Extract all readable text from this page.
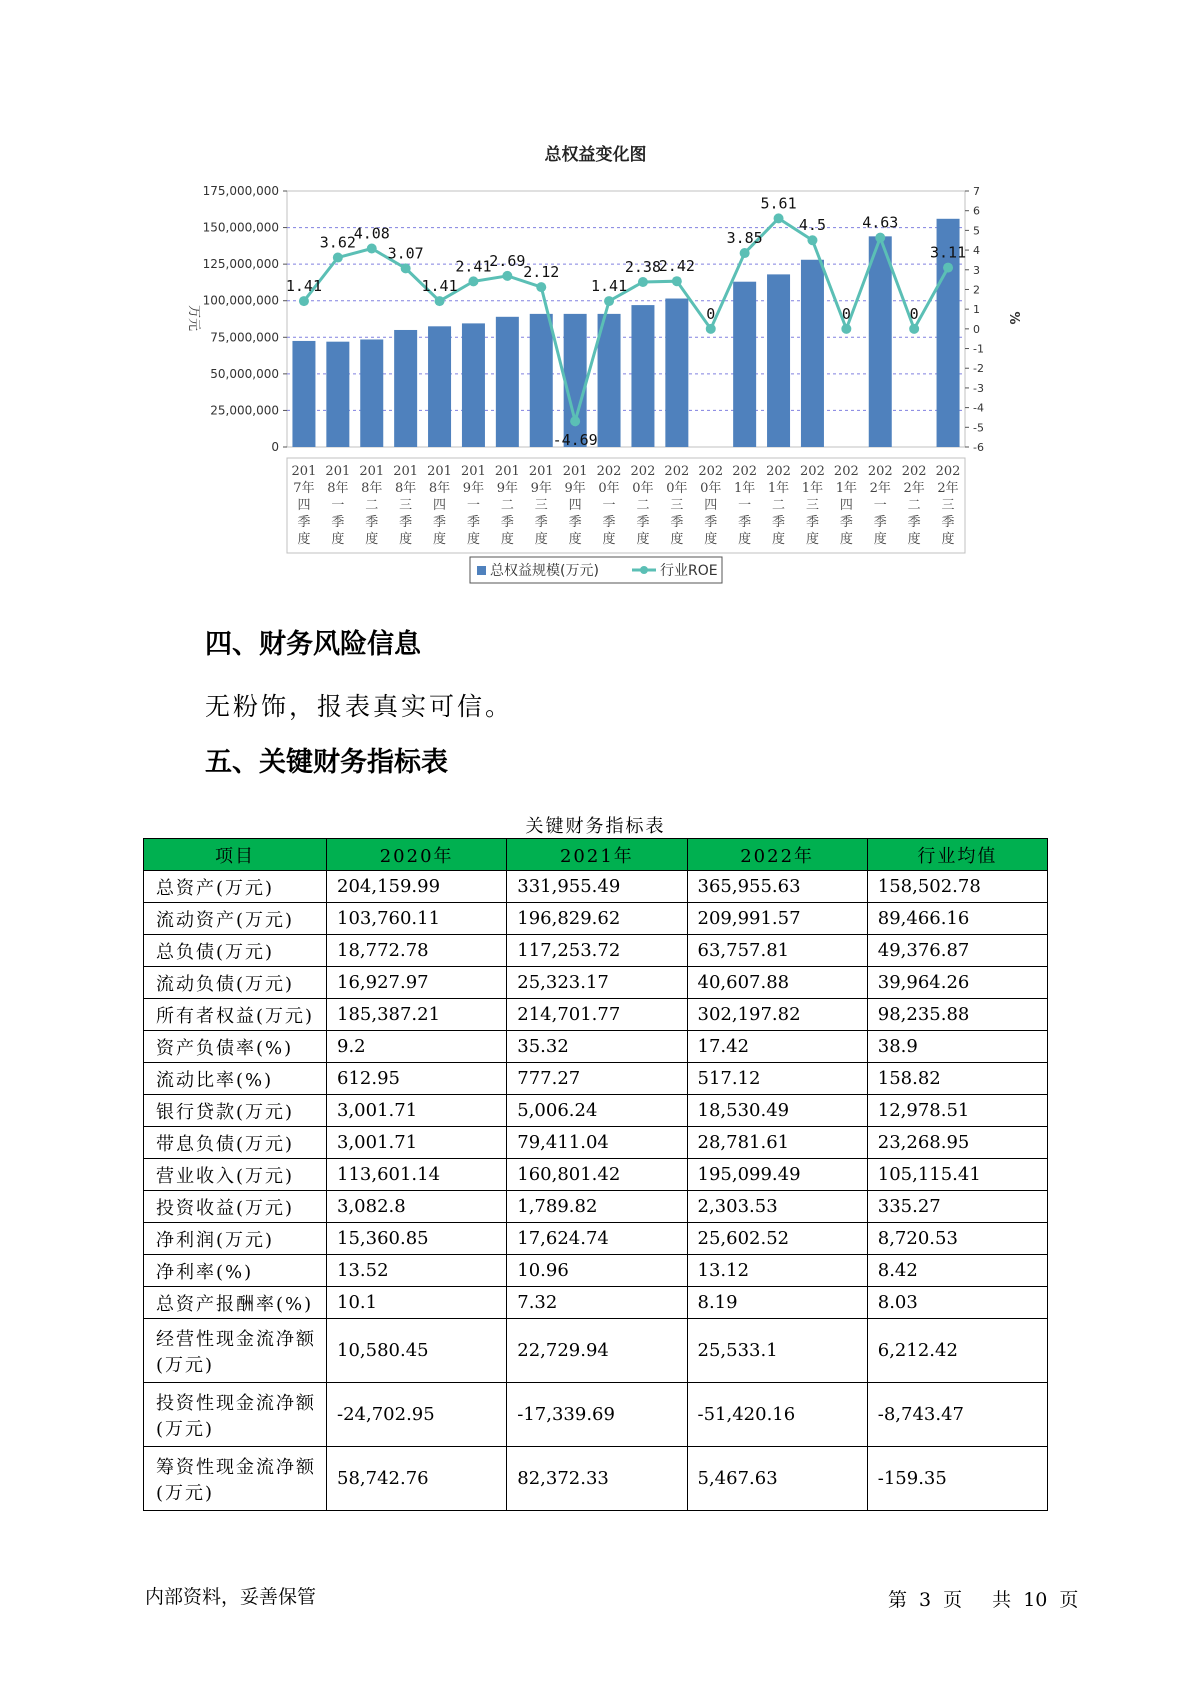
总权益变化图
0
25,000,000
50,000,000
75,000,000
100,000,000
125,000,000
150,000,000
175,000,000
-6
-5
-4
-3
-2
-1
0
1
2
3
4
5
6
7
万元	%
1.41
3.62
4.08
3.07
1.41
2.41
2.69
2.12
-4.69
1.41
2.38
2.42
0
3.85
5.61
4.5
0
4.63
0
3.11
201
7年
四
季
度
201
8年
一
季
度
201
8年
二
季
度
201
8年
三
季
度
201
8年
四
季
度
201
9年
一
季
度
201
9年
二
季
度
201
9年
三
季
度
201
9年
四
季
度
202
0年
一
季
度
202
0年
二
季
度
202
0年
三
季
度
202
0年
四
季
度
202
1年
一
季
度
202
1年
二
季
度
202
1年
三
季
度
202
1年
四
季
度
202
2年
一
季
度
202
2年
二
季
度
202
2年
三
季
度
总权益规模(万元)	行业ROE
四、财务风险信息
无粉饰，报表真实可信。
五、关键财务指标表
关键财务指标表
项目	2020年	2021年	2022年	行业均值
总资产(万元)	204,159.99	331,955.49	365,955.63	158,502.78
流动资产(万元)	103,760.11	196,829.62	209,991.57	89,466.16
总负债(万元)	18,772.78	117,253.72	63,757.81	49,376.87
流动负债(万元)	16,927.97	25,323.17	40,607.88	39,964.26
所有者权益(万元)	185,387.21	214,701.77	302,197.82	98,235.88
资产负债率(%)	9.2	35.32	17.42	38.9
流动比率(%)	612.95	777.27	517.12	158.82
银行贷款(万元)	3,001.71	5,006.24	18,530.49	12,978.51
带息负债(万元)	3,001.71	79,411.04	28,781.61	23,268.95
营业收入(万元)	113,601.14	160,801.42	195,099.49	105,115.41
投资收益(万元)	3,082.8	1,789.82	2,303.53	335.27
净利润(万元)	15,360.85	17,624.74	25,602.52	8,720.53
净利率(%)	13.52	10.96	13.12	8.42
总资产报酬率(%)	10.1	7.32	8.19	8.03
经营性现金流净额(万元)	10,580.45	22,729.94	25,533.1	6,212.42
投资性现金流净额(万元)	-24,702.95	-17,339.69	-51,420.16	-8,743.47
筹资性现金流净额(万元)	58,742.76	82,372.33	5,467.63	-159.35
内部资料，妥善保管	第 3 页 共 10 页
